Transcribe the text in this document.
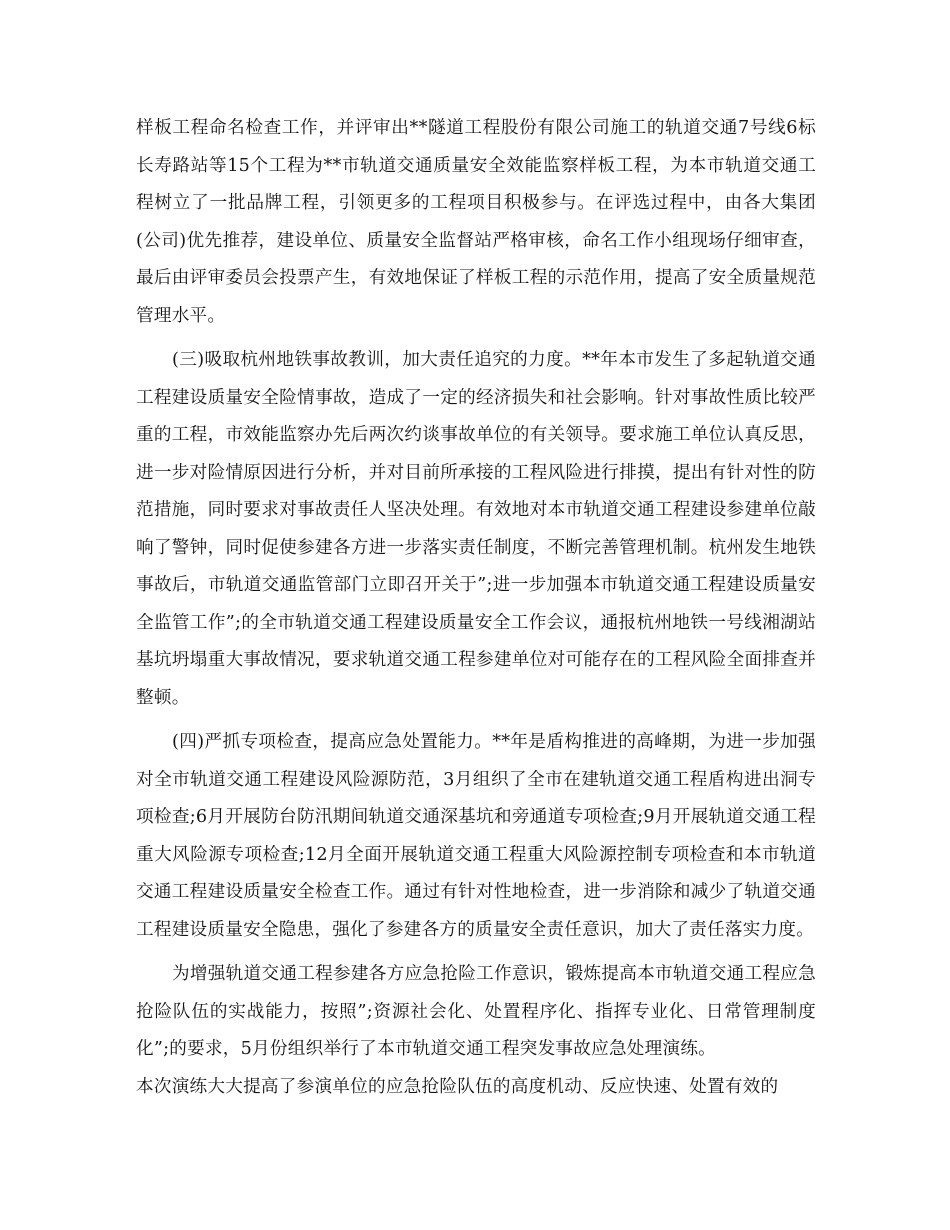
样板工程命名检查工作，并评审出**隧道工程股份有限公司施工的轨道交通7号线6标长寿路站等15个工程为**市轨道交通质量安全效能监察样板工程，为本市轨道交通工程树立了一批品牌工程，引领更多的工程项目积极参与。在评选过程中，由各大集团(公司)优先推荐，建设单位、质量安全监督站严格审核，命名工作小组现场仔细审查，最后由评审委员会投票产生，有效地保证了样板工程的示范作用，提高了安全质量规范管理水平。

(三)吸取杭州地铁事故教训，加大责任追究的力度。**年本市发生了多起轨道交通工程建设质量安全险情事故，造成了一定的经济损失和社会影响。针对事故性质比较严重的工程，市效能监察办先后两次约谈事故单位的有关领导。要求施工单位认真反思，进一步对险情原因进行分析，并对目前所承接的工程风险进行排摸，提出有针对性的防范措施，同时要求对事故责任人坚决处理。有效地对本市轨道交通工程建设参建单位敲响了警钟，同时促使参建各方进一步落实责任制度，不断完善管理机制。杭州发生地铁事故后，市轨道交通监管部门立即召开关于”;进一步加强本市轨道交通工程建设质量安全监管工作”;的全市轨道交通工程建设质量安全工作会议，通报杭州地铁一号线湘湖站基坑坍塌重大事故情况，要求轨道交通工程参建单位对可能存在的工程风险全面排查并整顿。

(四)严抓专项检查，提高应急处置能力。**年是盾构推进的高峰期，为进一步加强对全市轨道交通工程建设风险源防范，3月组织了全市在建轨道交通工程盾构进出洞专项检查;6月开展防台防汛期间轨道交通深基坑和旁通道专项检查;9月开展轨道交通工程重大风险源专项检查;12月全面开展轨道交通工程重大风险源控制专项检查和本市轨道交通工程建设质量安全检查工作。通过有针对性地检查，进一步消除和减少了轨道交通工程建设质量安全隐患，强化了参建各方的质量安全责任意识，加大了责任落实力度。

为增强轨道交通工程参建各方应急抢险工作意识，锻炼提高本市轨道交通工程应急抢险队伍的实战能力，按照”;资源社会化、处置程序化、指挥专业化、日常管理制度化”;的要求，5月份组织举行了本市轨道交通工程突发事故应急处理演练。

本次演练大大提高了参演单位的应急抢险队伍的高度机动、反应快速、处置有效的
